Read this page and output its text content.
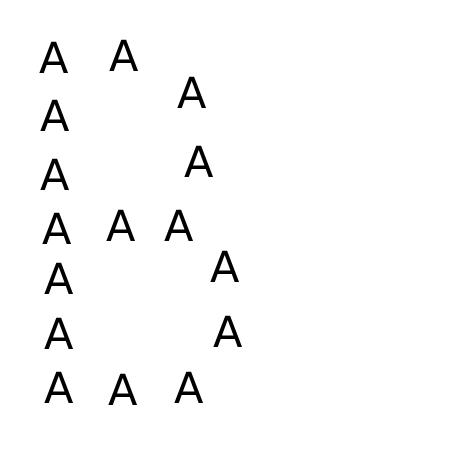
A
A
A
A
A
A
A
A
A
A
A A
A
A
A A
